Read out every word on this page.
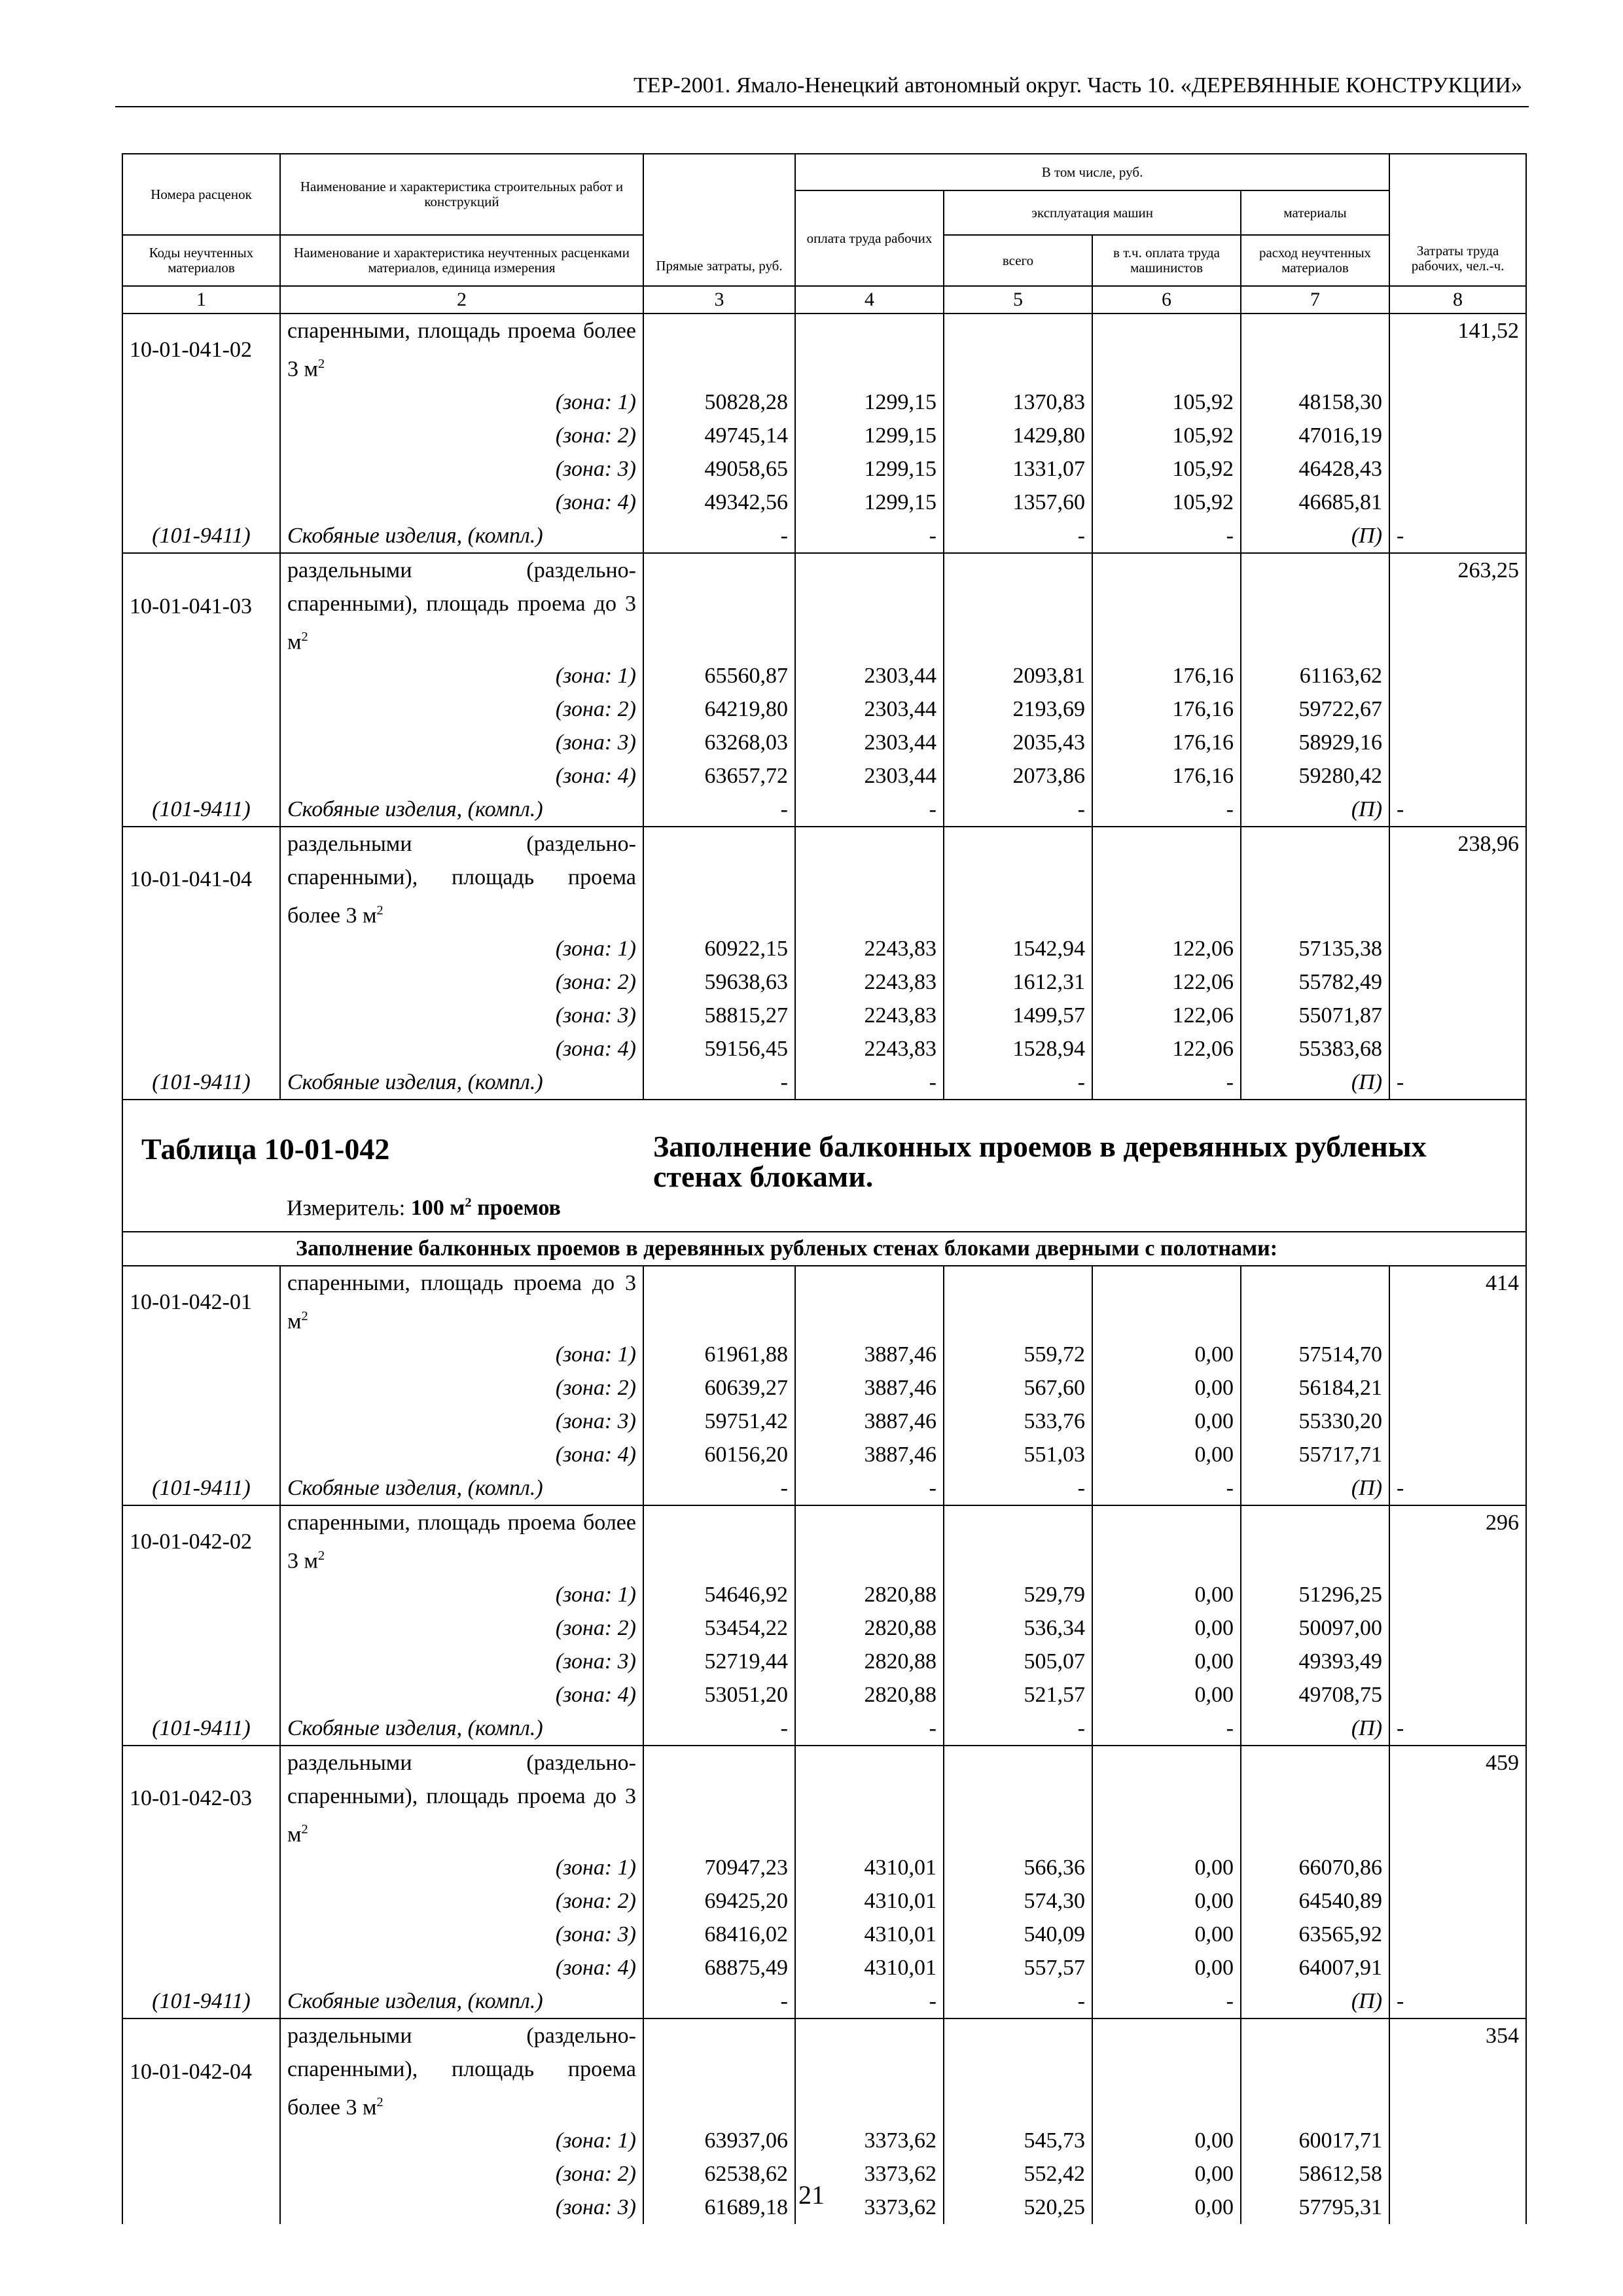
ТЕР-2001. Ямало-Ненецкий автономный округ. Часть 10. «ДЕРЕВЯННЫЕ КОНСТРУКЦИИ»
Номера расценок	Наименование и характеристика строительных работ и конструкций	Прямые затраты, руб.	В том числе, руб.				Затраты труда рабочих, чел.-ч.
			оплата труда рабочих	эксплуатация машин		материалы	
Коды неучтенных материалов	Наименование и характеристика неучтенных расценками материалов, единица измерения			всего	в т.ч. оплата труда машинистов	расход неучтенных материалов	
1	2	3	4	5	6	7	8
10-01-041-02	спаренными, площадь проема более 3 $м^2$						141,52
	(зона: 1)	50828,28	1299,15	1370,83	105,92	48158,30	
	(зона: 2)	49745,14	1299,15	1429,80	105,92	47016,19	
	(зона: 3)	49058,65	1299,15	1331,07	105,92	46428,43	
	(зона: 4)	49342,56	1299,15	1357,60	105,92	46685,81	
(101-9411)	Скобяные изделия, (компл.)	-	-	-	-	(П)	-
10-01-041-03	раздельными (раздельно-спаренными), площадь проема до 3 $м^2$						263,25
	(зона: 1)	65560,87	2303,44	2093,81	176,16	61163,62	
	(зона: 2)	64219,80	2303,44	2193,69	176,16	59722,67	
	(зона: 3)	63268,03	2303,44	2035,43	176,16	58929,16	
	(зона: 4)	63657,72	2303,44	2073,86	176,16	59280,42	
(101-9411)	Скобяные изделия, (компл.)	-	-	-	-	(П)	-
10-01-041-04	раздельными (раздельно-спаренными), площадь проема более 3 $м^2$						238,96
	(зона: 1)	60922,15	2243,83	1542,94	122,06	57135,38	
	(зона: 2)	59638,63	2243,83	1612,31	122,06	55782,49	
	(зона: 3)	58815,27	2243,83	1499,57	122,06	55071,87	
	(зона: 4)	59156,45	2243,83	1528,94	122,06	55383,68	
(101-9411)	Скобяные изделия, (компл.)	-	-	-	-	(П)	-

Таблица 10-01-042 Заполнение балконных проемов в деревянных рубленых стенах блоками.
Измеритель: 100 $м^2$ проемов							

Заполнение балконных проемов в деревянных рубленых стенах блоками дверными с полотнами:							
10-01-042-01	спаренными, площадь проема до 3 $м^2$						414
	(зона: 1)	61961,88	3887,46	559,72	0,00	57514,70	
	(зона: 2)	60639,27	3887,46	567,60	0,00	56184,21	
	(зона: 3)	59751,42	3887,46	533,76	0,00	55330,20	
	(зона: 4)	60156,20	3887,46	551,03	0,00	55717,71	
(101-9411)	Скобяные изделия, (компл.)	-	-	-	-	(П)	-
10-01-042-02	спаренными, площадь проема более 3 $м^2$						296
	(зона: 1)	54646,92	2820,88	529,79	0,00	51296,25	
	(зона: 2)	53454,22	2820,88	536,34	0,00	50097,00	
	(зона: 3)	52719,44	2820,88	505,07	0,00	49393,49	
	(зона: 4)	53051,20	2820,88	521,57	0,00	49708,75	
(101-9411)	Скобяные изделия, (компл.)	-	-	-	-	(П)	-
10-01-042-03	раздельными (раздельно-спаренными), площадь проема до 3 $м^2$						459
	(зона: 1)	70947,23	4310,01	566,36	0,00	66070,86	
	(зона: 2)	69425,20	4310,01	574,30	0,00	64540,89	
	(зона: 3)	68416,02	4310,01	540,09	0,00	63565,92	
	(зона: 4)	68875,49	4310,01	557,57	0,00	64007,91	
(101-9411)	Скобяные изделия, (компл.)	-	-	-	-	(П)	-
10-01-042-04	раздельными (раздельно-спаренными), площадь проема более 3 $м^2$						354
	(зона: 1)	63937,06	3373,62	545,73	0,00	60017,71	
	(зона: 2)	62538,62	3373,62	552,42	0,00	58612,58	
	(зона: 3)	61689,18	3373,62	520,25	0,00	57795,31	
21
